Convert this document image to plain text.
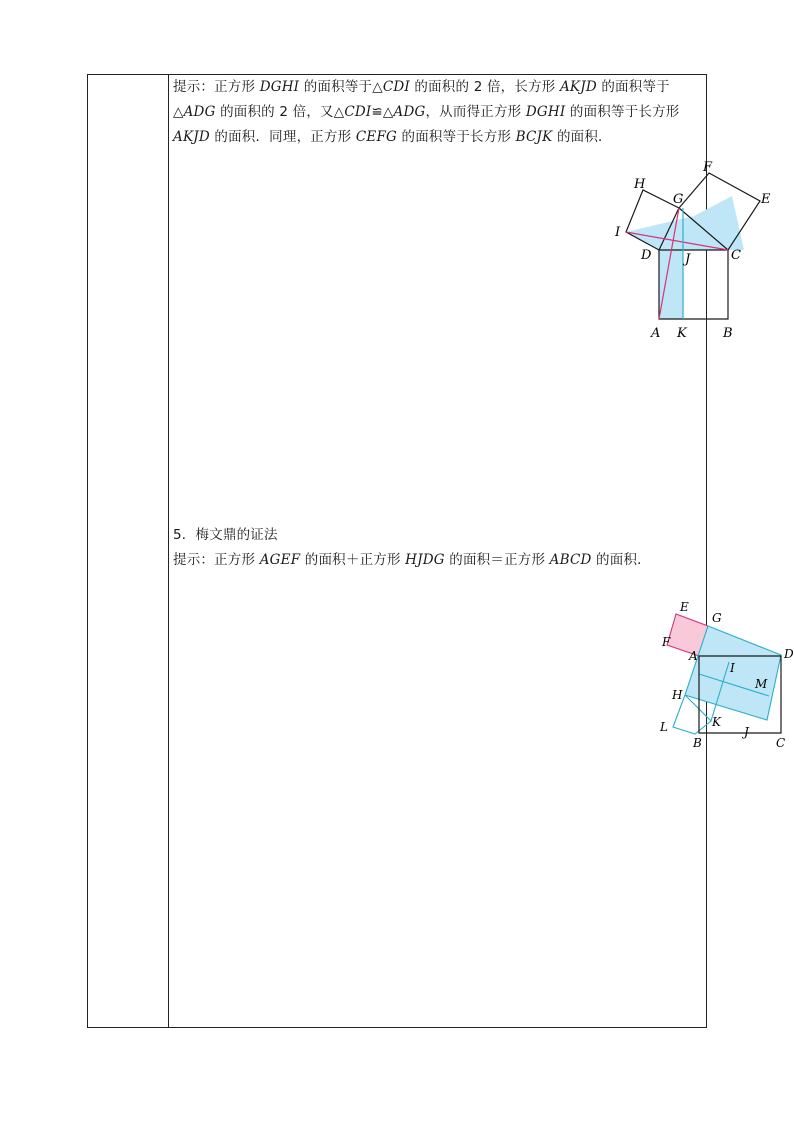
提示：正方形 DGHI 的面积等于△CDI 的面积的 2 倍，长方形 AKJD 的面积等于△ADG 的面积的 2 倍，又△CDI≌△ADG，从而得正方形 DGHI 的面积等于长方形 AKJD 的面积．同理，正方形 CEFG 的面积等于长方形 BCJK 的面积．
F
H
G	E
I
D	J	C
A K	B
5．梅文鼎的证法
提示：正方形 AGEF 的面积＋正方形 HJDG 的面积＝正方形 ABCD 的面积．
E
G
F
A	D
I
M
H
K
L	J
B	C
